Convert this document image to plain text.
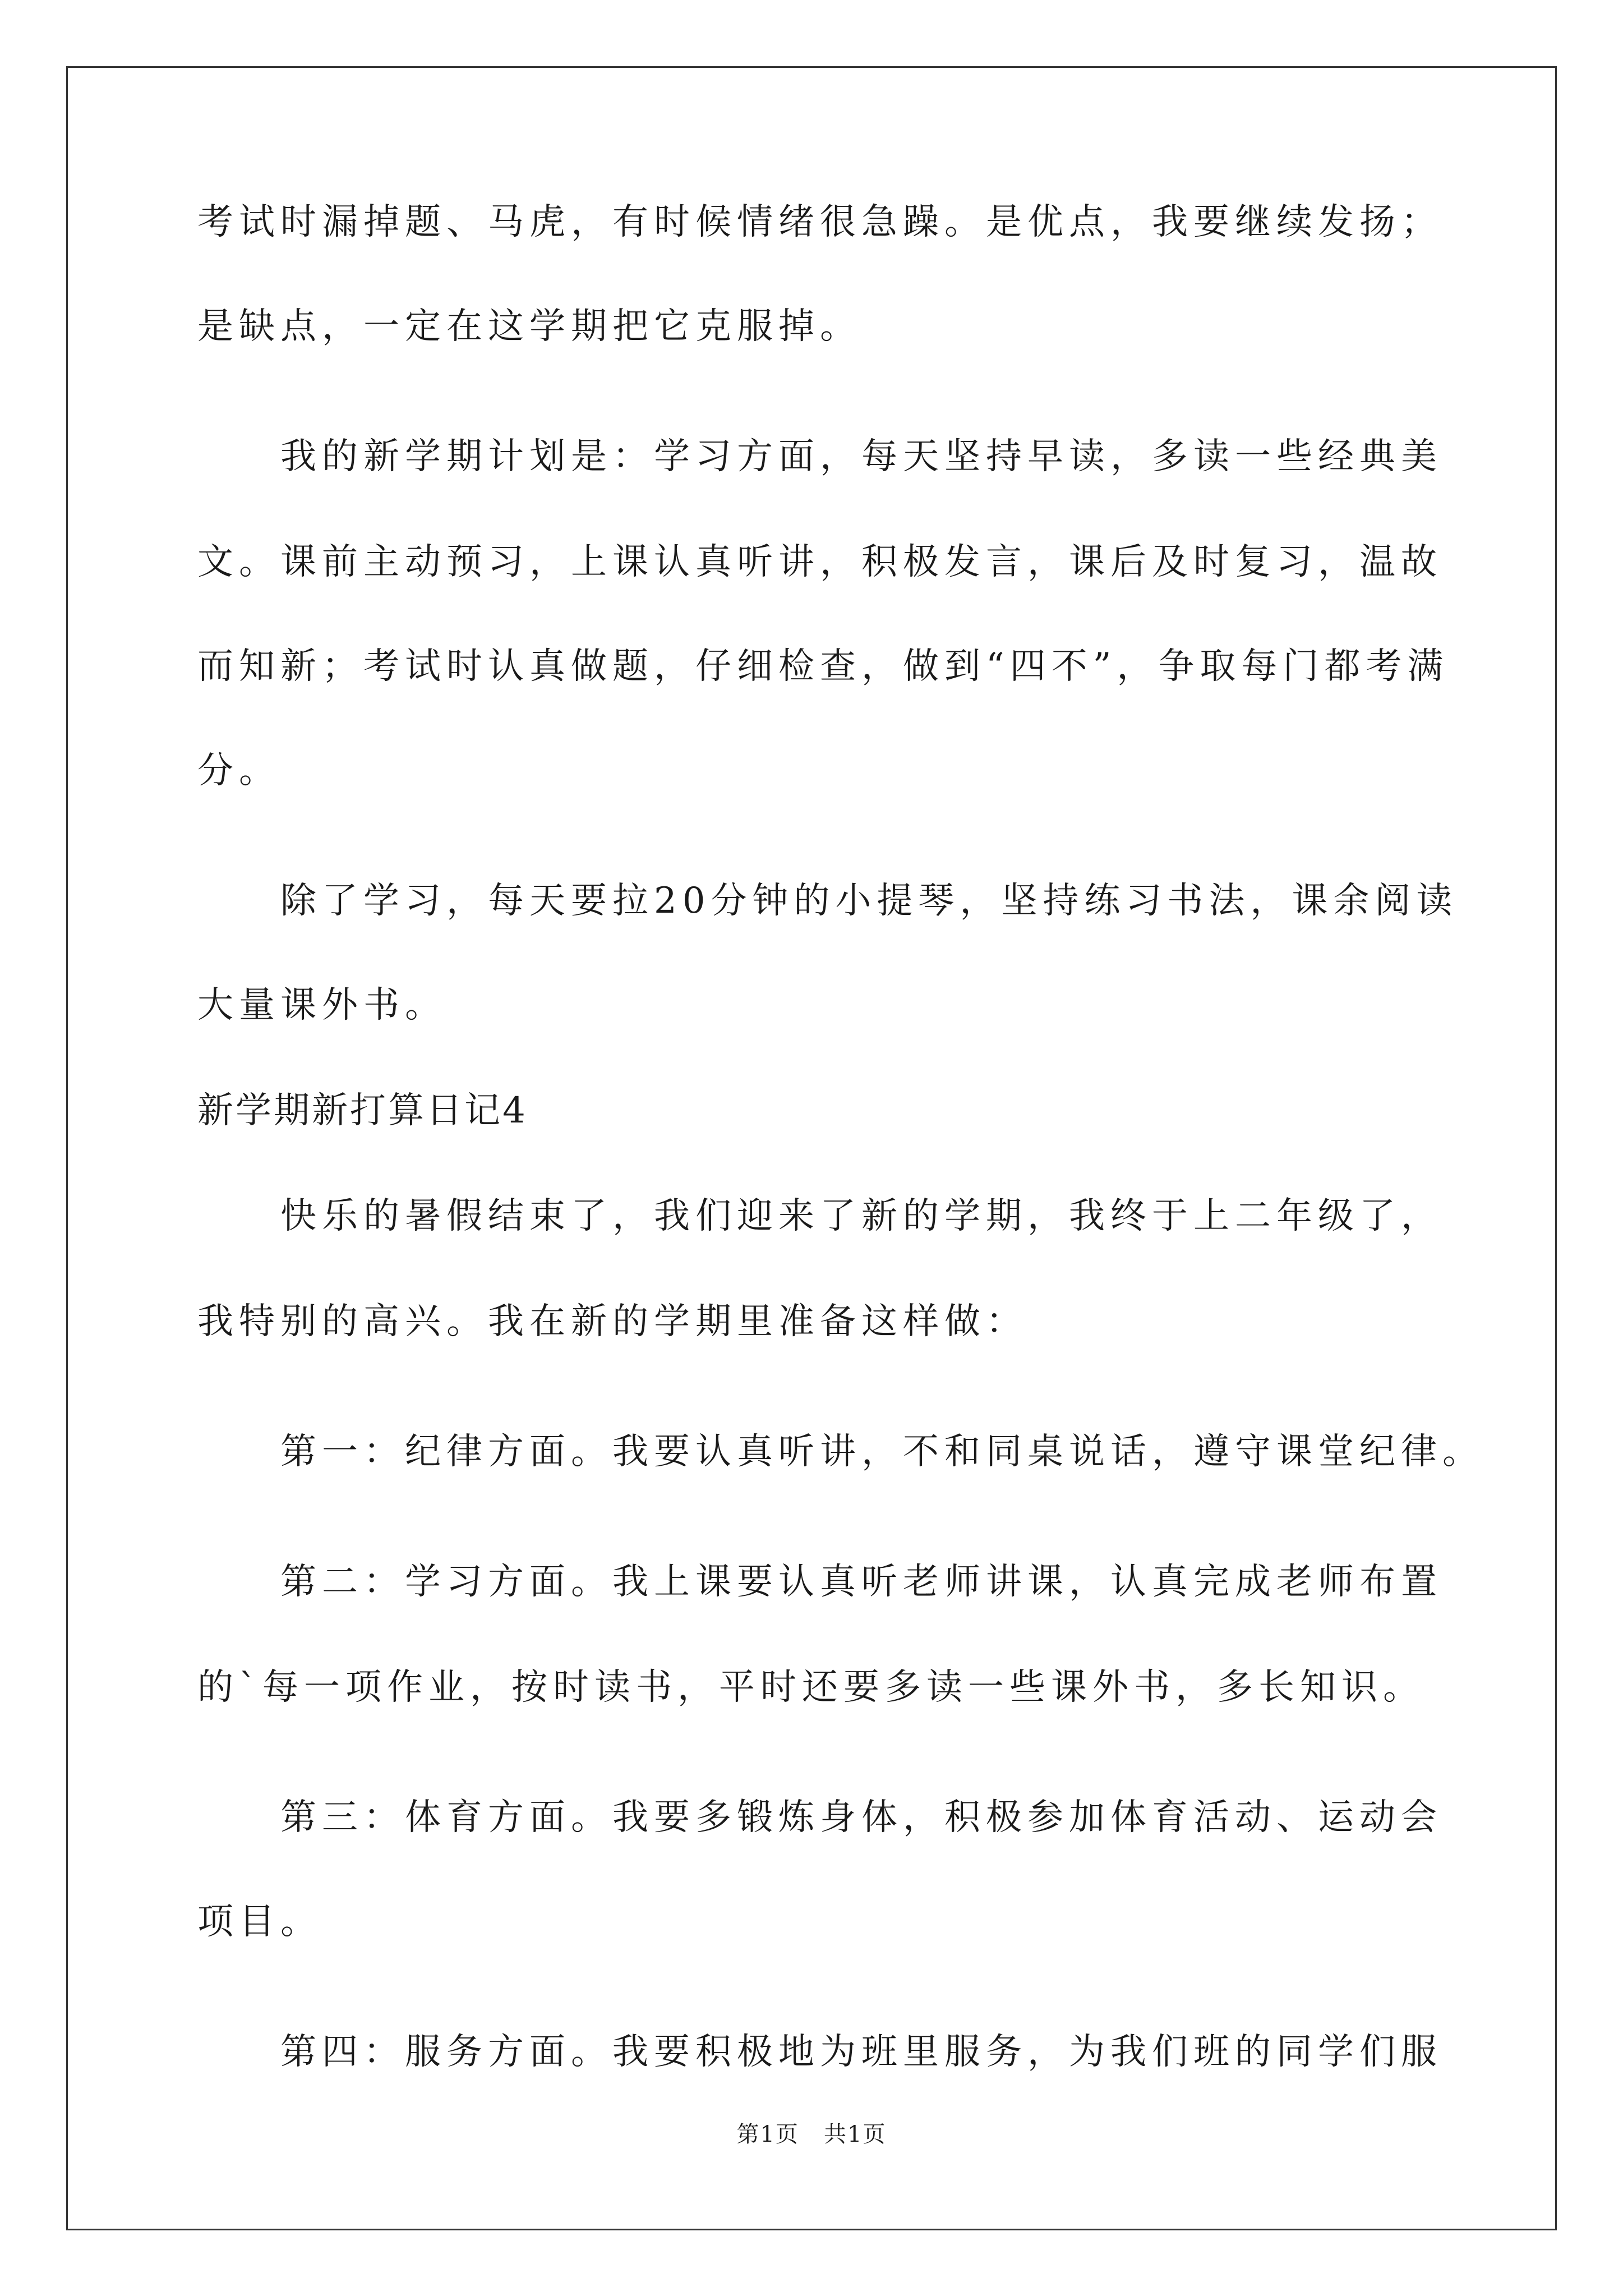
考试时漏掉题、马虎，有时候情绪很急躁。是优点，我要继续发扬；
是缺点，一定在这学期把它克服掉。
我的新学期计划是：学习方面，每天坚持早读，多读一些经典美
文。课前主动预习，上课认真听讲，积极发言，课后及时复习，温故
而知新；考试时认真做题，仔细检查，做到“四不”，争取每门都考满
分。
除了学习，每天要拉20分钟的小提琴，坚持练习书法，课余阅读
大量课外书。
新学期新打算日记4
快乐的暑假结束了，我们迎来了新的学期，我终于上二年级了，
我特别的高兴。我在新的学期里准备这样做：
第一：纪律方面。我要认真听讲，不和同桌说话，遵守课堂纪律。
第二：学习方面。我上课要认真听老师讲课，认真完成老师布置
的`每一项作业，按时读书，平时还要多读一些课外书，多长知识。
第三：体育方面。我要多锻炼身体，积极参加体育活动、运动会
项目。
第四：服务方面。我要积极地为班里服务，为我们班的同学们服
第1页   共1页
